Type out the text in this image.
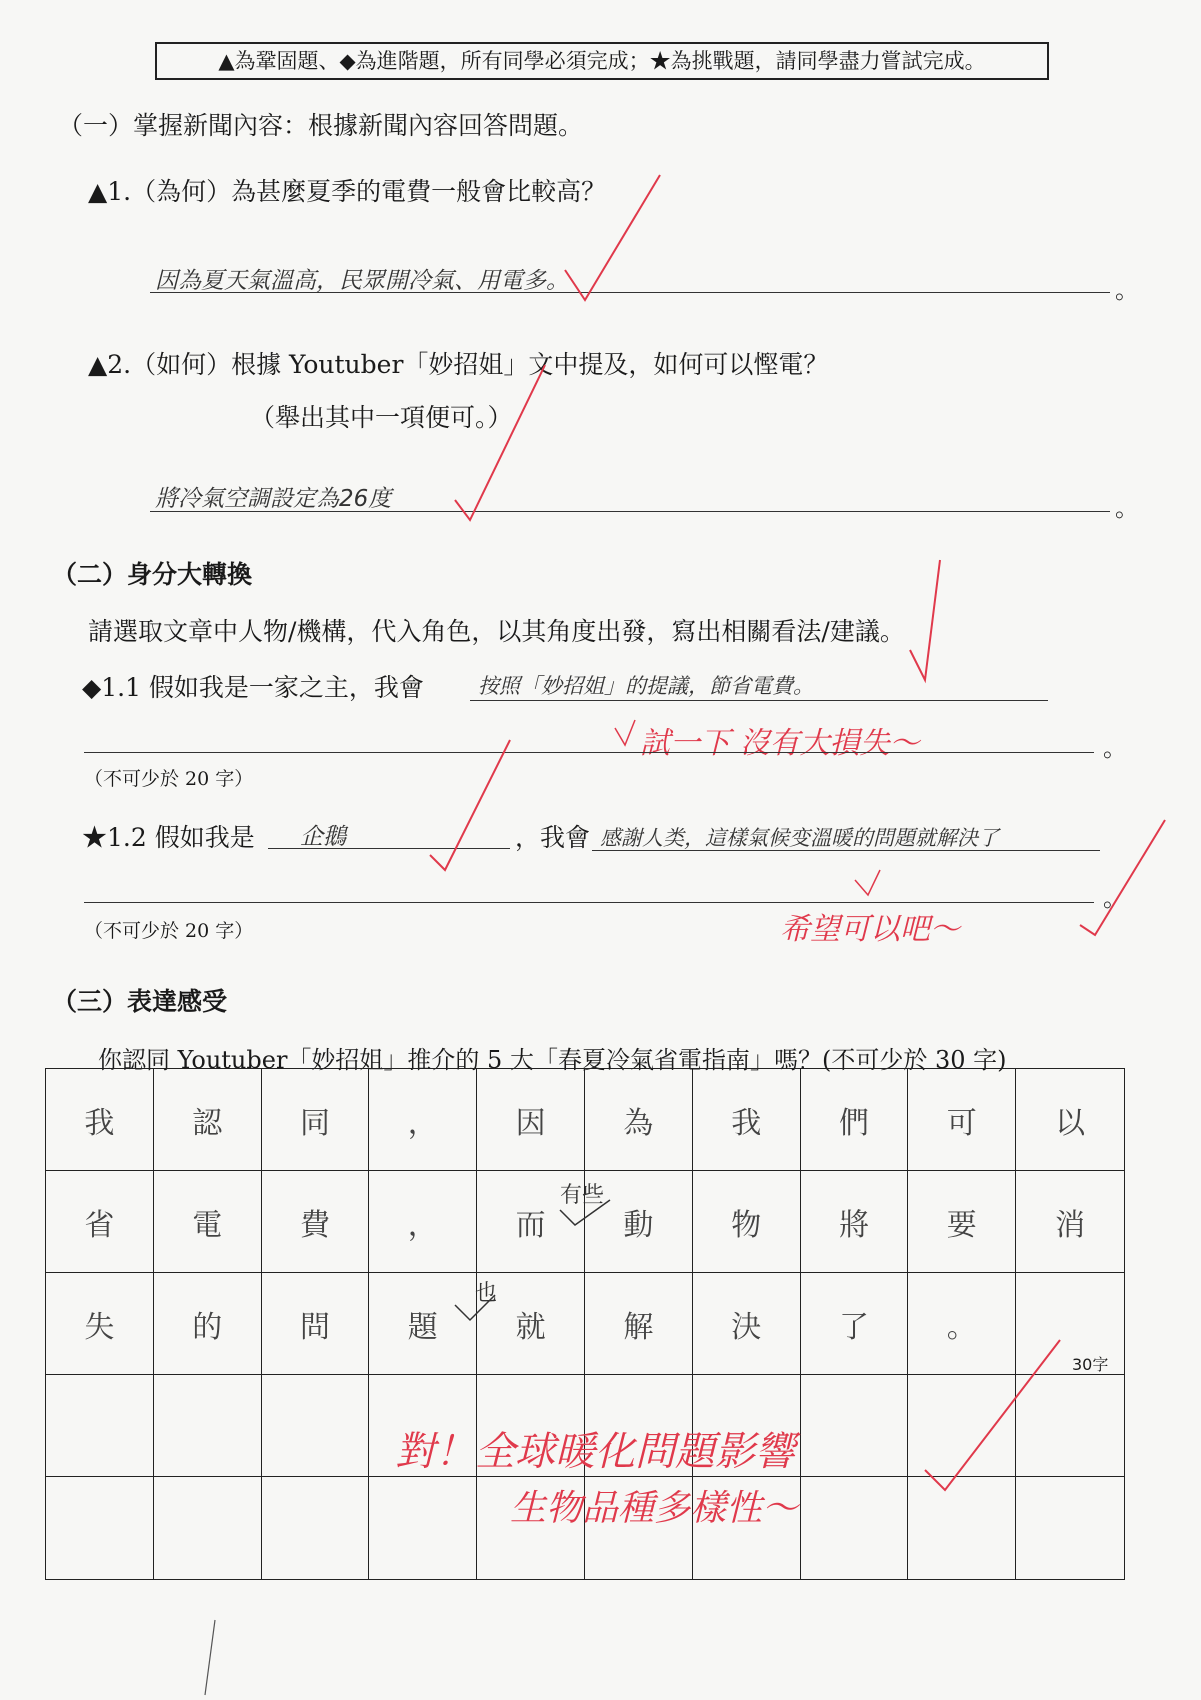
▲為鞏固題、◆為進階題，所有同學必須完成；★為挑戰題，請同學盡力嘗試完成。
（一）掌握新聞內容：根據新聞內容回答問題。
▲1.（為何）為甚麼夏季的電費一般會比較高？
因為夏天氣溫高，民眾開冷氣、用電多。	。
▲2.（如何）根據 Youtuber「妙招姐」文中提及，如何可以慳電？
（舉出其中一項便可。）
將冷氣空調設定為26度	。
（二）身分大轉換
請選取文章中人物/機構，代入角色，以其角度出發，寫出相關看法/建議。
◆1.1 假如我是一家之主，我會	按照「妙招姐」的提議，節省電費。
試一下 沒有大損失～	。
（不可少於 20 字）
★1.2 假如我是 企鵝	，我會 感謝人类，這樣氣候变溫暖的問題就解決了
希望可以吧～
。
（不可少於 20 字）
（三）表達感受
你認同 Youtuber「妙招姐」推介的 5 大「春夏冷氣省電指南」嗎？(不可少於 30 字)
我	認	同	，	因	為	我	們	可	以
省	電	費	，	而	動	物	將	要	消
失	的	問	題	就	解	決	了	。
有些
也
30字
對！全球暖化問題影響
生物品種多樣性～
